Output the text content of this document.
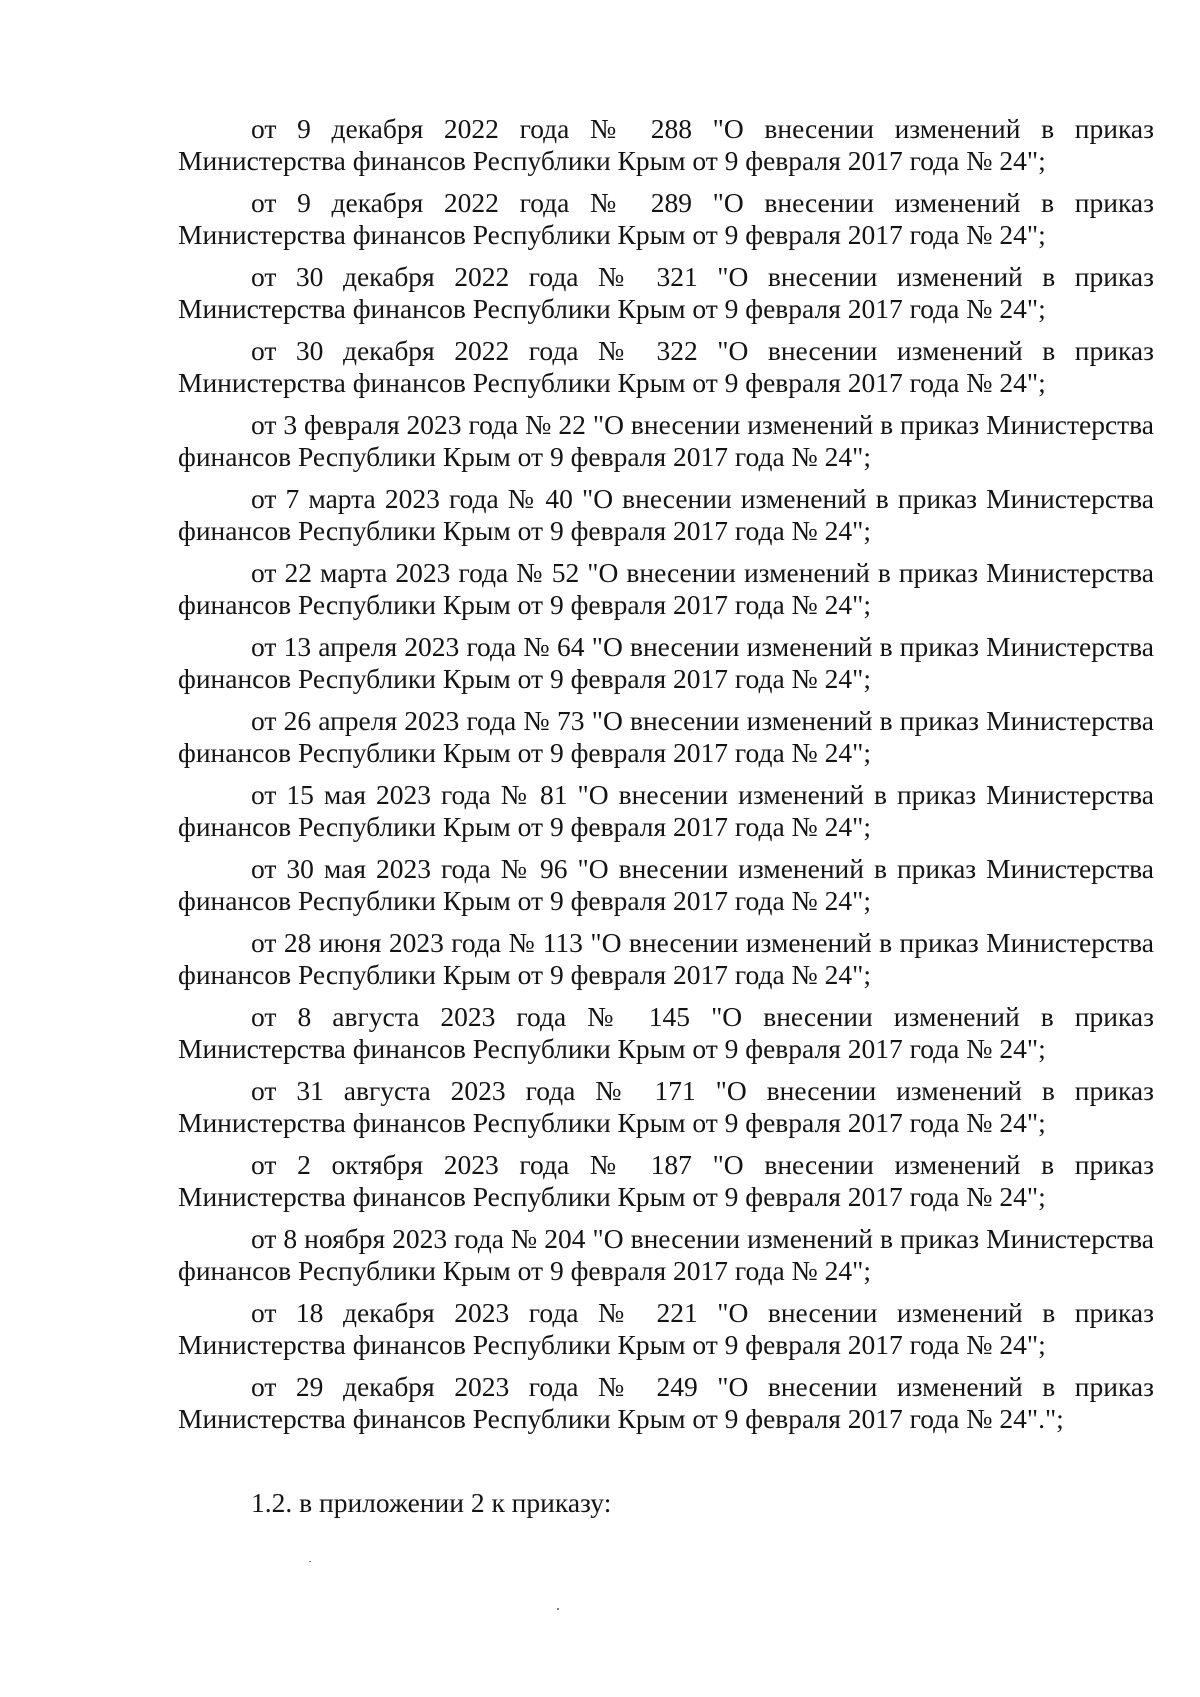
от 9 декабря 2022 года № 288 "О внесении изменений в приказ Министерства финансов Республики Крым от 9 февраля 2017 года № 24";

от 9 декабря 2022 года № 289 "О внесении изменений в приказ Министерства финансов Республики Крым от 9 февраля 2017 года № 24";

от 30 декабря 2022 года № 321 "О внесении изменений в приказ Министерства финансов Республики Крым от 9 февраля 2017 года № 24";

от 30 декабря 2022 года № 322 "О внесении изменений в приказ Министерства финансов Республики Крым от 9 февраля 2017 года № 24";

от 3 февраля 2023 года № 22 "О внесении изменений в приказ Министерства финансов Республики Крым от 9 февраля 2017 года № 24";

от 7 марта 2023 года № 40 "О внесении изменений в приказ Министерства финансов Республики Крым от 9 февраля 2017 года № 24";

от 22 марта 2023 года № 52 "О внесении изменений в приказ Министерства финансов Республики Крым от 9 февраля 2017 года № 24";

от 13 апреля 2023 года № 64 "О внесении изменений в приказ Министерства финансов Республики Крым от 9 февраля 2017 года № 24";

от 26 апреля 2023 года № 73 "О внесении изменений в приказ Министерства финансов Республики Крым от 9 февраля 2017 года № 24";

от 15 мая 2023 года № 81 "О внесении изменений в приказ Министерства финансов Республики Крым от 9 февраля 2017 года № 24";

от 30 мая 2023 года № 96 "О внесении изменений в приказ Министерства финансов Республики Крым от 9 февраля 2017 года № 24";

от 28 июня 2023 года № 113 "О внесении изменений в приказ Министерства финансов Республики Крым от 9 февраля 2017 года № 24";

от 8 августа 2023 года № 145 "О внесении изменений в приказ Министерства финансов Республики Крым от 9 февраля 2017 года № 24";

от 31 августа 2023 года № 171 "О внесении изменений в приказ Министерства финансов Республики Крым от 9 февраля 2017 года № 24";

от 2 октября 2023 года № 187 "О внесении изменений в приказ Министерства финансов Республики Крым от 9 февраля 2017 года № 24";

от 8 ноября 2023 года № 204 "О внесении изменений в приказ Министерства финансов Республики Крым от 9 февраля 2017 года № 24";

от 18 декабря 2023 года № 221 "О внесении изменений в приказ Министерства финансов Республики Крым от 9 февраля 2017 года № 24";

от 29 декабря 2023 года № 249 "О внесении изменений в приказ Министерства финансов Республики Крым от 9 февраля 2017 года № 24".";

1.2. в приложении 2 к приказу:
